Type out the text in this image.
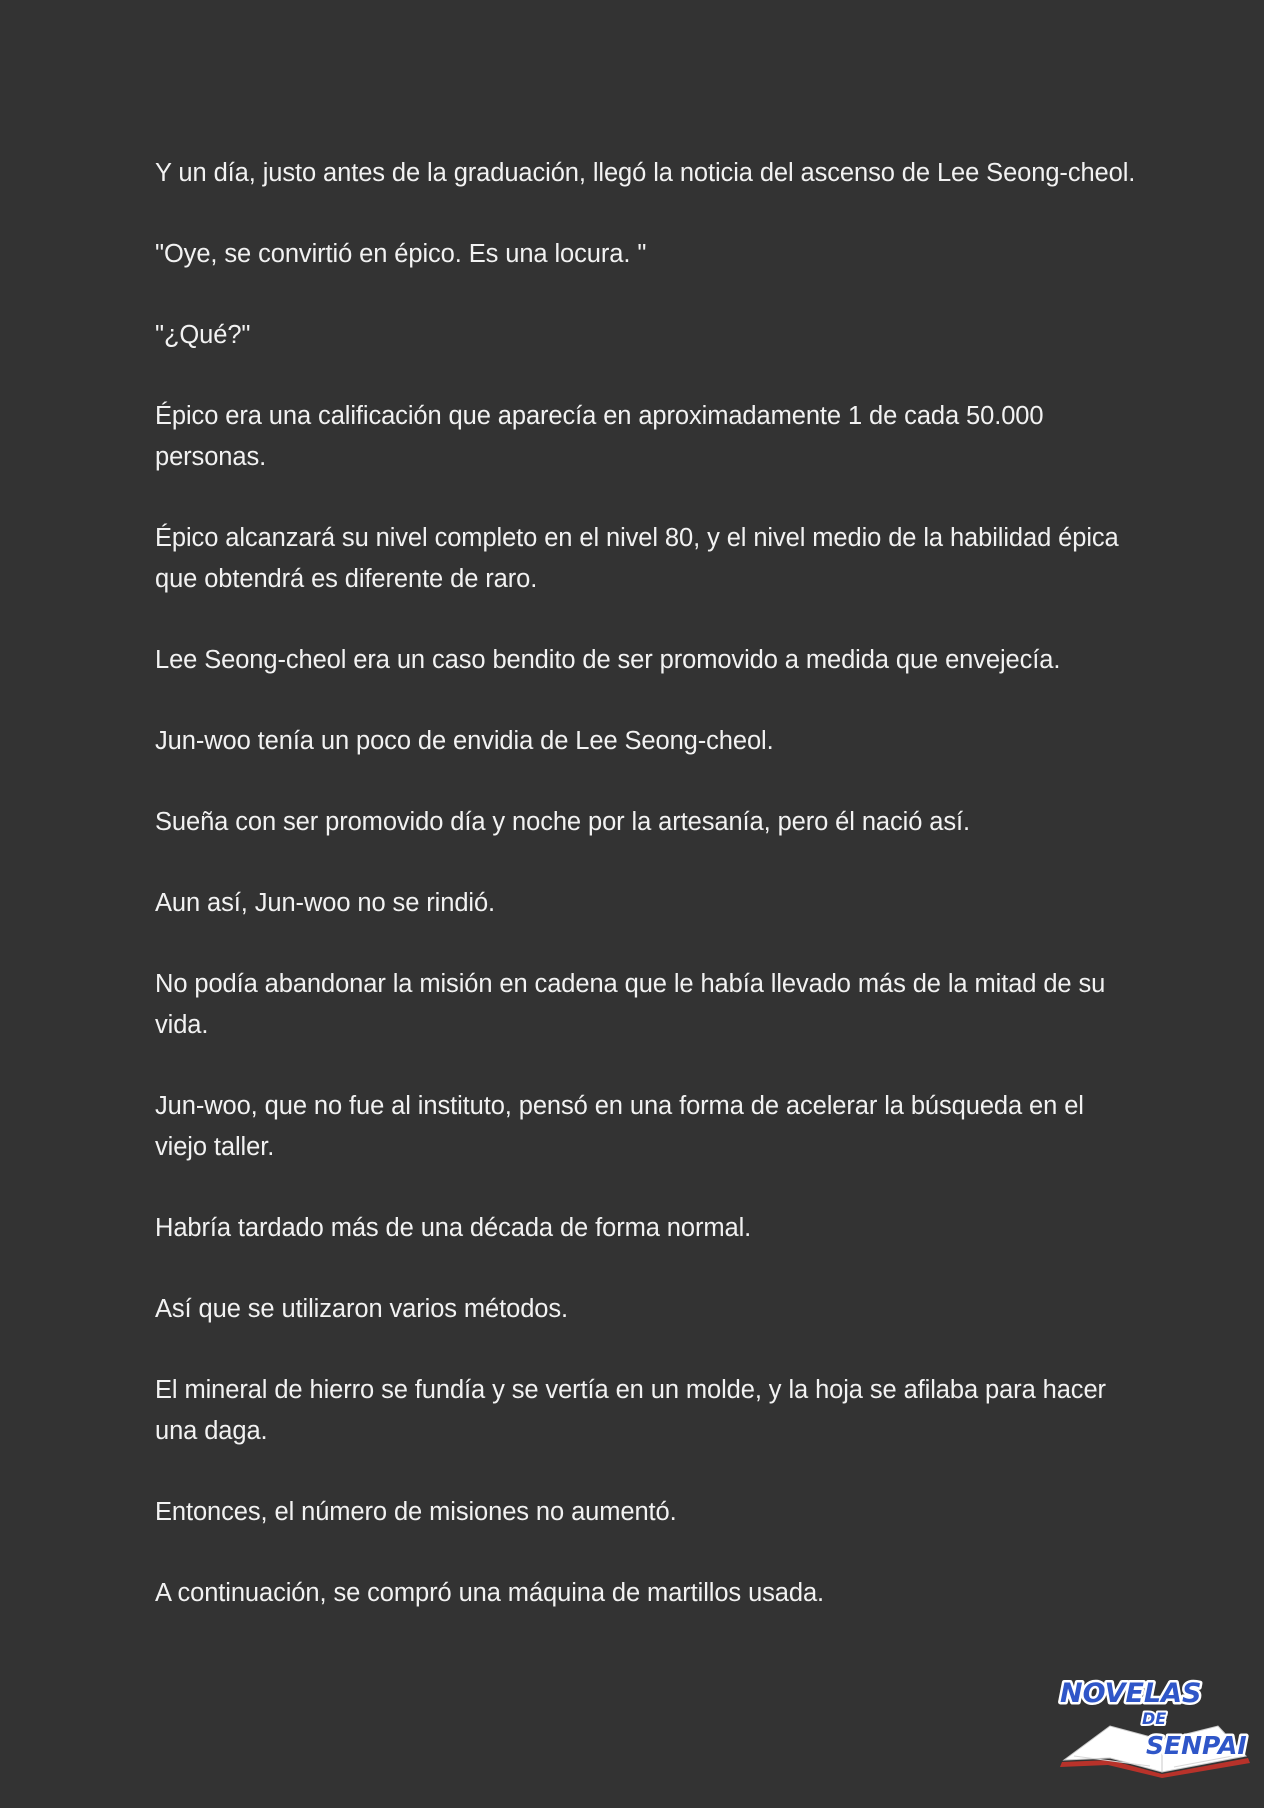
Y un día, justo antes de la graduación, llegó la noticia del ascenso de Lee Seong-cheol.

"Oye, se convirtió en épico. Es una locura. "

"¿Qué?"

Épico era una calificación que aparecía en aproximadamente 1 de cada 50.000 personas.

Épico alcanzará su nivel completo en el nivel 80, y el nivel medio de la habilidad épica que obtendrá es diferente de raro.

Lee Seong-cheol era un caso bendito de ser promovido a medida que envejecía.

Jun-woo tenía un poco de envidia de Lee Seong-cheol.

Sueña con ser promovido día y noche por la artesanía, pero él nació así.

Aun así, Jun-woo no se rindió.

No podía abandonar la misión en cadena que le había llevado más de la mitad de su vida.

Jun-woo, que no fue al instituto, pensó en una forma de acelerar la búsqueda en el viejo taller.

Habría tardado más de una década de forma normal.

Así que se utilizaron varios métodos.

El mineral de hierro se fundía y se vertía en un molde, y la hoja se afilaba para hacer una daga.

Entonces, el número de misiones no aumentó.

A continuación, se compró una máquina de martillos usada.

NOVELAS
DE
SENPAI
